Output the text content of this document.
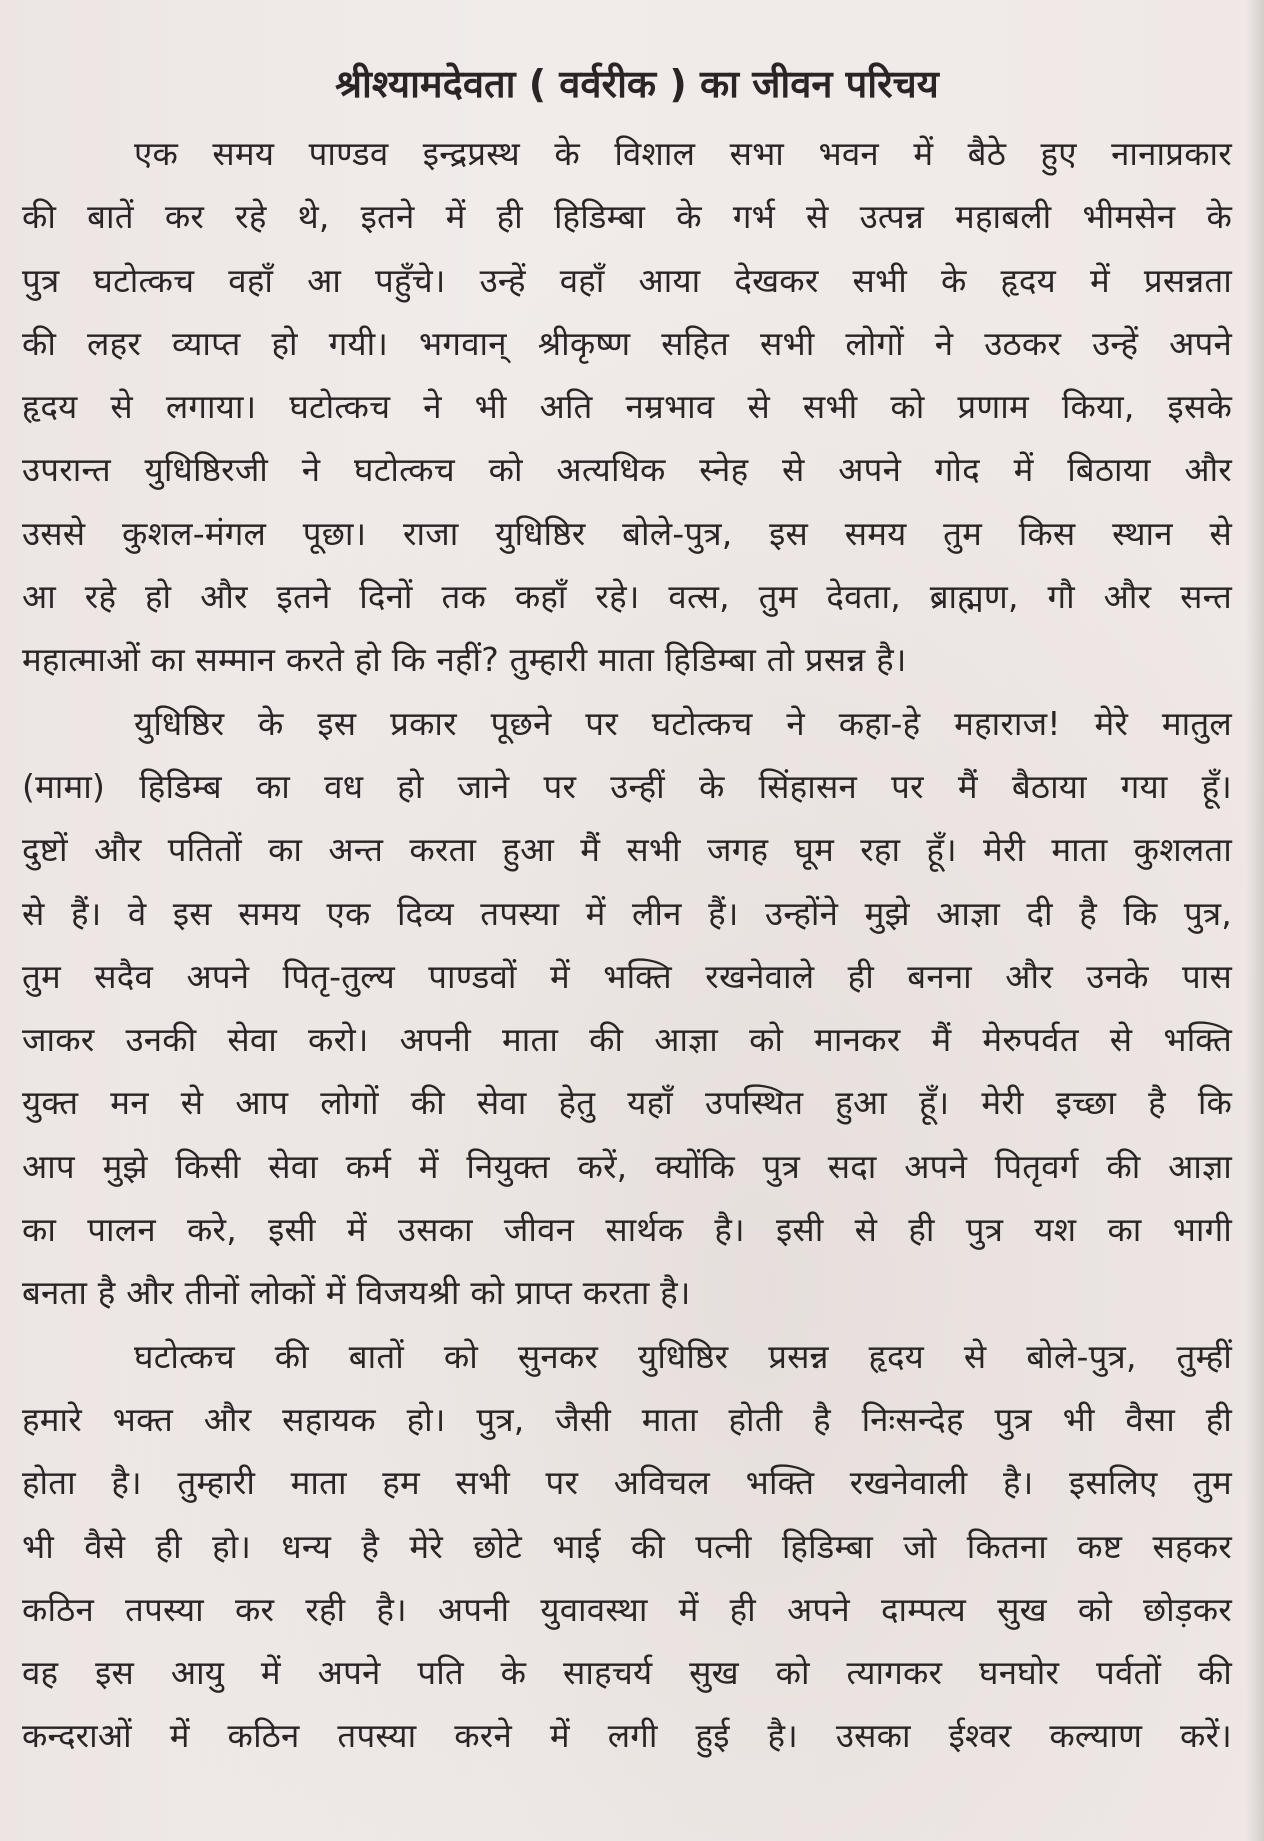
श्रीश्यामदेवता ( वर्वरीक ) का जीवन परिचय
एक समय पाण्डव इन्द्रप्रस्थ के विशाल सभा भवन में बैठे हुए नानाप्रकार
की बातें कर रहे थे, इतने में ही हिडिम्बा के गर्भ से उत्पन्न महाबली भीमसेन के
पुत्र घटोत्कच वहाँ आ पहुँचे। उन्हें वहाँ आया देखकर सभी के हृदय में प्रसन्नता
की लहर व्याप्त हो गयी। भगवान् श्रीकृष्ण सहित सभी लोगों ने उठकर उन्हें अपने
हृदय से लगाया। घटोत्कच ने भी अति नम्रभाव से सभी को प्रणाम किया, इसके
उपरान्त युधिष्ठिरजी ने घटोत्कच को अत्यधिक स्नेह से अपने गोद में बिठाया और
उससे कुशल-मंगल पूछा। राजा युधिष्ठिर बोले-पुत्र, इस समय तुम किस स्थान से
आ रहे हो और इतने दिनों तक कहाँ रहे। वत्स, तुम देवता, ब्राह्मण, गौ और सन्त
महात्माओं का सम्मान करते हो कि नहीं? तुम्हारी माता हिडिम्बा तो प्रसन्न है।
युधिष्ठिर के इस प्रकार पूछने पर घटोत्कच ने कहा-हे महाराज! मेरे मातुल
(मामा) हिडिम्ब का वध हो जाने पर उन्हीं के सिंहासन पर मैं बैठाया गया हूँ।
दुष्टों और पतितों का अन्त करता हुआ मैं सभी जगह घूम रहा हूँ। मेरी माता कुशलता
से हैं। वे इस समय एक दिव्य तपस्या में लीन हैं। उन्होंने मुझे आज्ञा दी है कि पुत्र,
तुम सदैव अपने पितृ-तुल्य पाण्डवों में भक्ति रखनेवाले ही बनना और उनके पास
जाकर उनकी सेवा करो। अपनी माता की आज्ञा को मानकर मैं मेरुपर्वत से भक्ति
युक्त मन से आप लोगों की सेवा हेतु यहाँ उपस्थित हुआ हूँ। मेरी इच्छा है कि
आप मुझे किसी सेवा कर्म में नियुक्त करें, क्योंकि पुत्र सदा अपने पितृवर्ग की आज्ञा
का पालन करे, इसी में उसका जीवन सार्थक है। इसी से ही पुत्र यश का भागी
बनता है और तीनों लोकों में विजयश्री को प्राप्त करता है।
घटोत्कच की बातों को सुनकर युधिष्ठिर प्रसन्न हृदय से बोले-पुत्र, तुम्हीं
हमारे भक्त और सहायक हो। पुत्र, जैसी माता होती है निःसन्देह पुत्र भी वैसा ही
होता है। तुम्हारी माता हम सभी पर अविचल भक्ति रखनेवाली है। इसलिए तुम
भी वैसे ही हो। धन्य है मेरे छोटे भाई की पत्नी हिडिम्बा जो कितना कष्ट सहकर
कठिन तपस्या कर रही है। अपनी युवावस्था में ही अपने दाम्पत्य सुख को छोड़कर
वह इस आयु में अपने पति के साहचर्य सुख को त्यागकर घनघोर पर्वतों की
कन्दराओं में कठिन तपस्या करने में लगी हुई है। उसका ईश्वर कल्याण करें।
